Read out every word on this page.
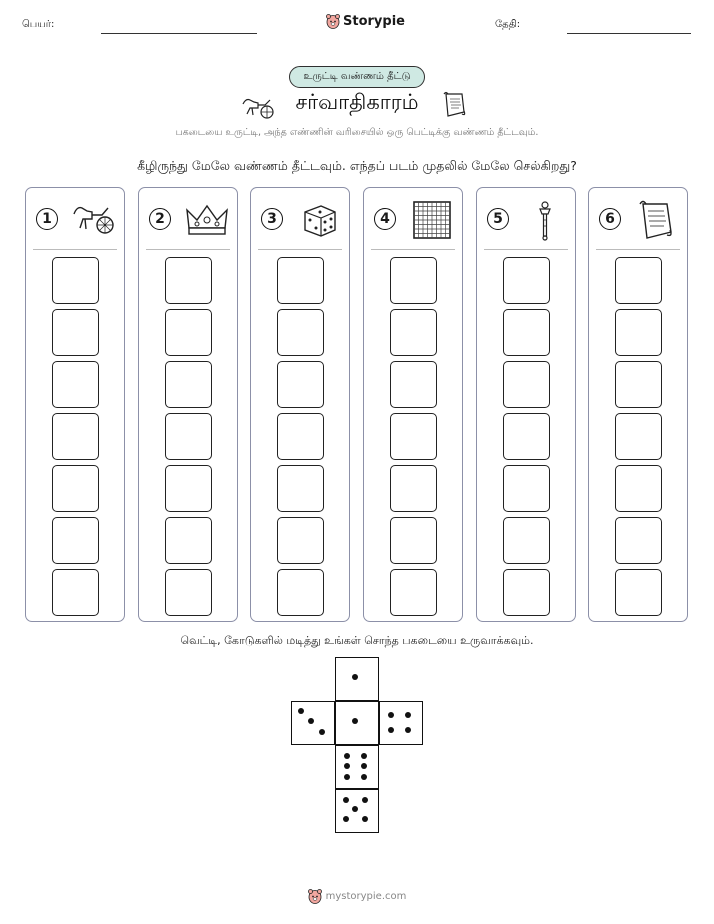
பெயர்:	Storypie	தேதி:
உருட்டி வண்ணம் தீட்டு
சர்வாதிகாரம்
பகடையை உருட்டி, அந்த எண்ணின் வரிசையில் ஒரு பெட்டிக்கு வண்ணம் தீட்டவும்.
கீழிருந்து மேலே வண்ணம் தீட்டவும். எந்தப் படம் முதலில் மேலே செல்கிறது?
1	2	3	4	5	6
வெட்டி, கோடுகளில் மடித்து உங்கள் சொந்த பகடையை உருவாக்கவும்.
mystorypie.com
